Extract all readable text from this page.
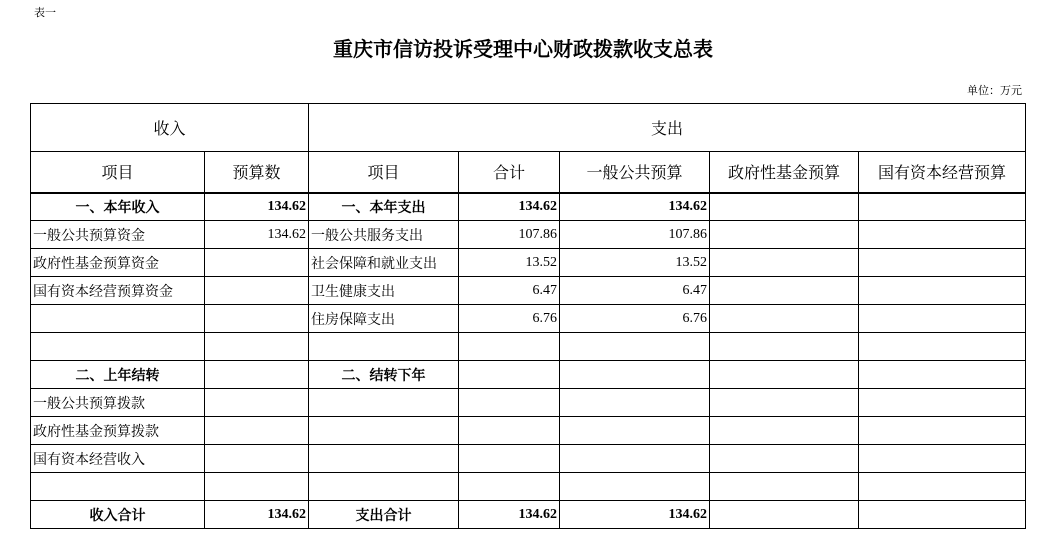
表一
重庆市信访投诉受理中心财政拨款收支总表
单位：万元
收入		支出				
项目	预算数	项目	合计	一般公共预算	政府性基金预算	国有资本经营预算
一、本年收入	134.62	一、本年支出	134.62	134.62		
一般公共预算资金	134.62	一般公共服务支出	107.86	107.86		
政府性基金预算资金		社会保障和就业支出	13.52	13.52		
国有资本经营预算资金		卫生健康支出	6.47	6.47		
		住房保障支出	6.76	6.76		

二、上年结转		二、结转下年				
一般公共预算拨款						
政府性基金预算拨款						
国有资本经营收入						

收入合计	134.62	支出合计	134.62	134.62		
